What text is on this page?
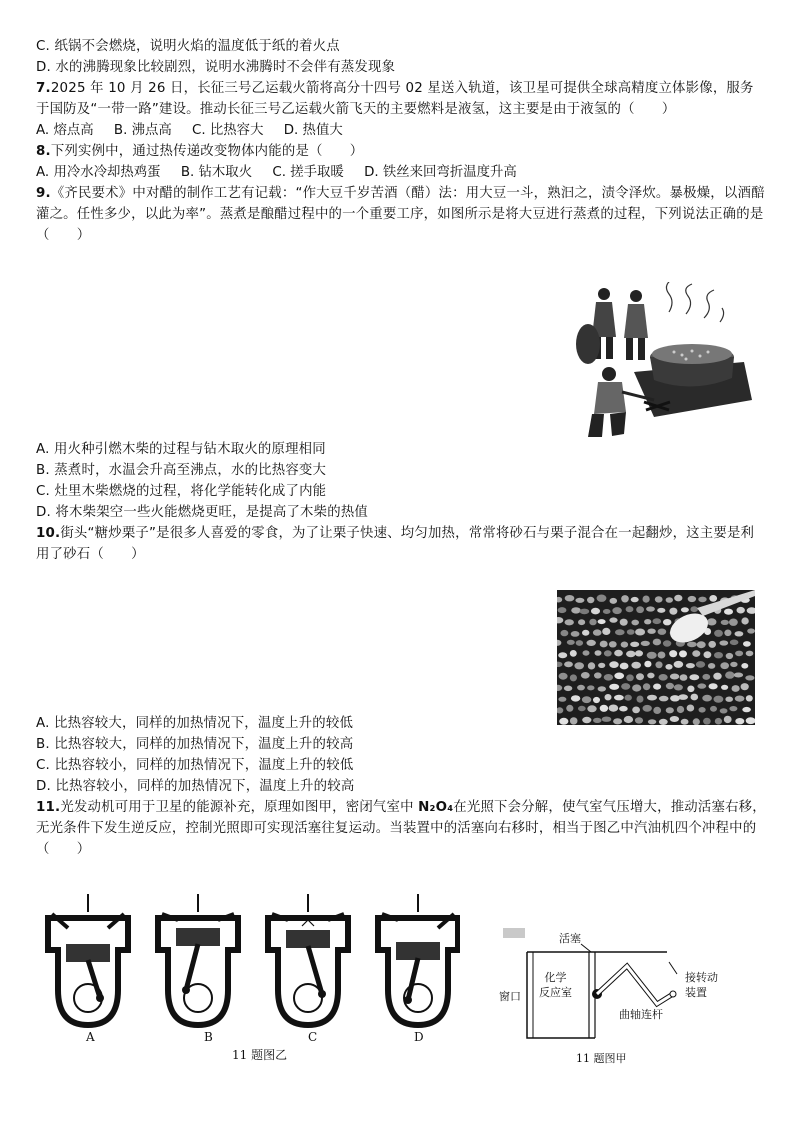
C. 纸锅不会燃烧，说明火焰的温度低于纸的着火点
D. 水的沸腾现象比较剧烈，说明水沸腾时不会伴有蒸发现象
7.2025 年 10 月 26 日，长征三号乙运载火箭将高分十四号 02 星送入轨道，该卫星可提供全球高精度立体影像，服务于国防及“一带一路”建设。推动长征三号乙运载火箭飞天的主要燃料是液氢，这主要是由于液氢的（　　）
A. 熔点高 B. 沸点高 C. 比热容大 D. 热值大
8.下列实例中，通过热传递改变物体内能的是（　　）
A. 用冷水冷却热鸡蛋 B. 钻木取火 C. 搓手取暖 D. 铁丝来回弯折温度升高
9.《齐民要术》中对醋的制作工艺有记载：“作大豆千岁苦酒（醋）法：用大豆一斗，熟汩之，渍令泽炊。暴极燥，以酒醅灌之。任性多少，以此为率”。蒸煮是酿醋过程中的一个重要工序，如图所示是将大豆进行蒸煮的过程，下列说法正确的是（　　）
A. 用火种引燃木柴的过程与钻木取火的原理相同
B. 蒸煮时，水温会升高至沸点，水的比热容变大
C. 灶里木柴燃烧的过程，将化学能转化成了内能
D. 将木柴架空一些火能燃烧更旺，是提高了木柴的热值
10.街头“糖炒栗子”是很多人喜爱的零食，为了让栗子快速、均匀加热，常常将砂石与栗子混合在一起翻炒，这主要是利用了砂石（　　）
A. 比热容较大，同样的加热情况下，温度上升的较低
B. 比热容较大，同样的加热情况下，温度上升的较高
C. 比热容较小，同样的加热情况下，温度上升的较低
D. 比热容较小，同样的加热情况下，温度上升的较高
11.光发动机可用于卫星的能源补充，原理如图甲，密闭气室中 N₂O₄在光照下会分解，使气室气压增大，推动活塞右移，无光条件下发生逆反应，控制光照即可实现活塞往复运动。当装置中的活塞向右移时，相当于图乙中汽油机四个冲程中的（　　）
A	B	C	D
11 题图乙
活塞
窗口
化学
反应室
曲轴连杆
接转动
装置
11 题图甲
